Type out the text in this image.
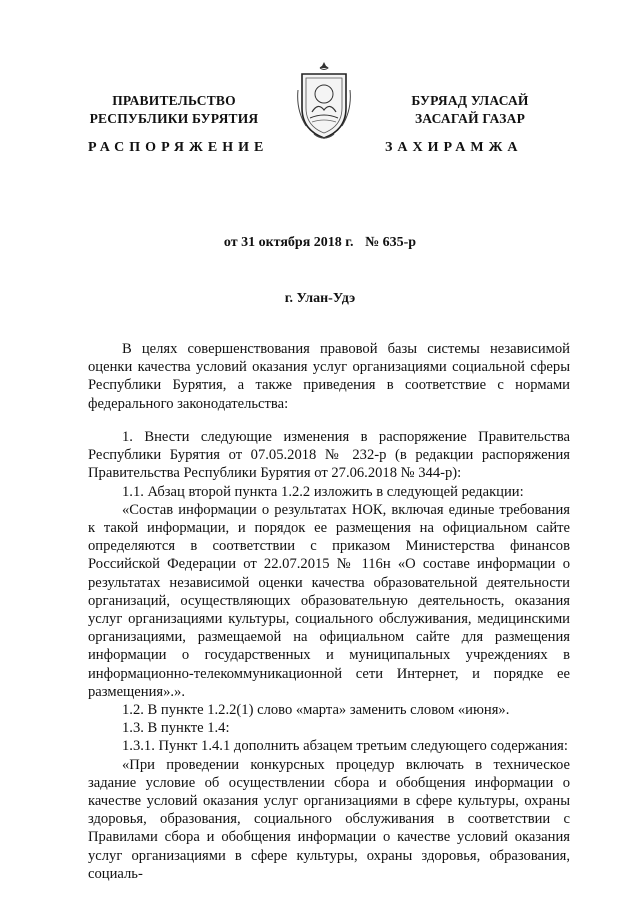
ПРАВИТЕЛЬСТВО
РЕСПУБЛИКИ БУРЯТИЯ
БУРЯАД УЛАСАЙ
ЗАСАГАЙ ГАЗАР
РАСПОРЯЖЕНИЕ	ЗАХИРАМЖА
от 31 октября 2018 г. № 635-р
г. Улан-Удэ

В целях совершенствования правовой базы системы независимой оценки качества условий оказания услуг организациями социальной сферы Республики Бурятия, а также приведения в соответствие с нормами федерального законодательства:

1. Внести следующие изменения в распоряжение Правительства Республики Бурятия от 07.05.2018 № 232-р (в редакции распоряжения Правительства Республики Бурятия от 27.06.2018 № 344-р):

1.1. Абзац второй пункта 1.2.2 изложить в следующей редакции:

«Состав информации о результатах НОК, включая единые требования к такой информации, и порядок ее размещения на официальном сайте определяются в соответствии с приказом Министерства финансов Российской Федерации от 22.07.2015 № 116н «О составе информации о результатах независимой оценки качества образовательной деятельности организаций, осуществляющих образовательную деятельность, оказания услуг организациями культуры, социального обслуживания, медицинскими организациями, размещаемой на официальном сайте для размещения информации о государственных и муниципальных учреждениях в информационно-телекоммуникационной сети Интернет, и порядке ее размещения».».

1.2. В пункте 1.2.2(1) слово «марта» заменить словом «июня».

1.3. В пункте 1.4:

1.3.1. Пункт 1.4.1 дополнить абзацем третьим следующего содержания:

«При проведении конкурсных процедур включать в техническое задание условие об осуществлении сбора и обобщения информации о качестве условий оказания услуг организациями в сфере культуры, охраны здоровья, образования, социального обслуживания в соответствии с Правилами сбора и обобщения информации о качестве условий оказания услуг организациями в сфере культуры, охраны здоровья, образования, социаль-
